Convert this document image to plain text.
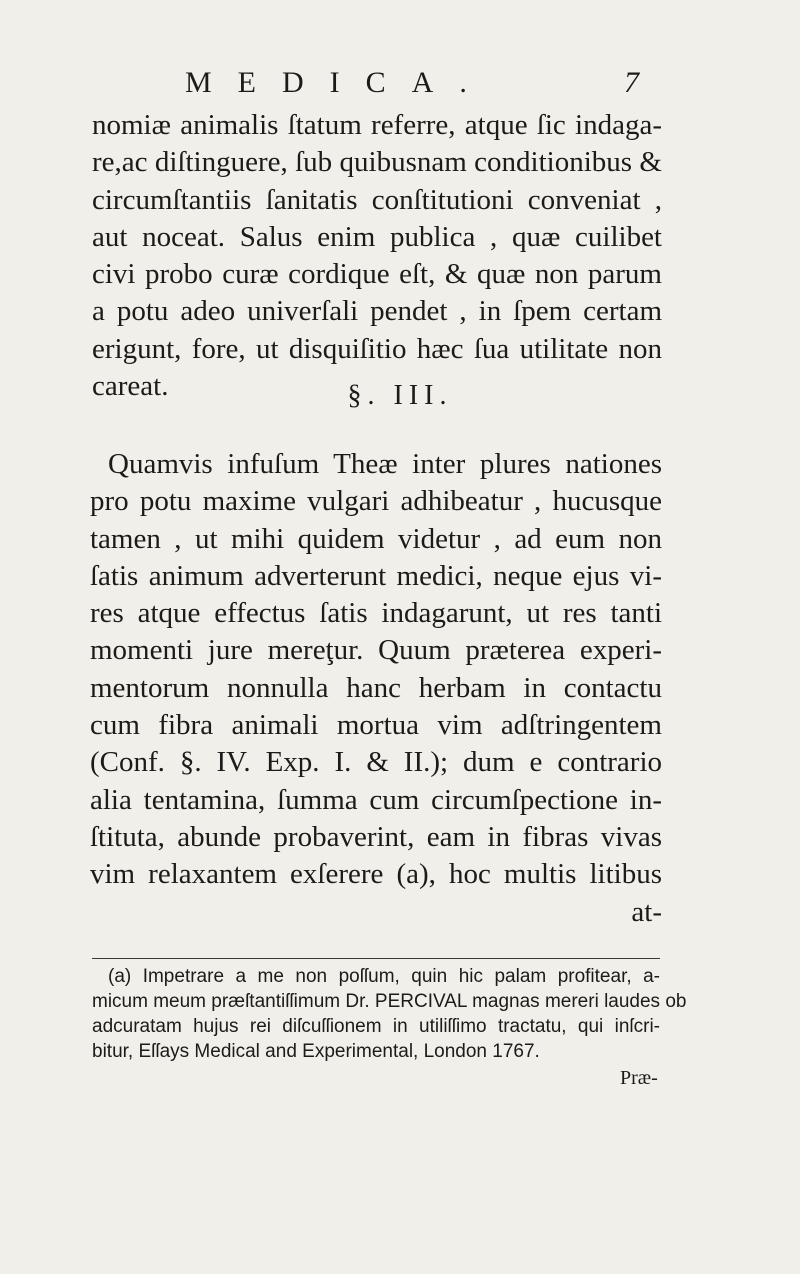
MEDICA.	7
nomiæ animalis ſtatum referre, atque ſic indaga-
re,ac diſtinguere, ſub quibusnam conditionibus &
circumſtantiis ſanitatis conſtitutioni conveniat ,
aut noceat. Salus enim publica , quæ cuilibet
civi probo curæ cordique eſt, & quæ non parum
a potu adeo univerſali pendet , in ſpem certam
erigunt, fore, ut disquiſitio hæc ſua utilitate non
careat.	§. III.
Quamvis infuſum Theæ inter plures nationes
pro potu maxime vulgari adhibeatur , hucusque
tamen , ut mihi quidem videtur , ad eum non
ſatis animum adverterunt medici, neque ejus vi-
res atque effectus ſatis indagarunt, ut res tanti
momenti jure mereţur. Quum præterea experi-
mentorum nonnulla hanc herbam in contactu
cum fibra animali mortua vim adſtringentem
(Conf. §. IV. Exp. I. & II.); dum e contrario
alia tentamina, ſumma cum circumſpectione in-
ſtituta, abunde probaverint, eam in fibras vivas
vim relaxantem exſerere (a), hoc multis litibus
at-
(a) Impetrare a me non poſſum, quin hic palam profitear, a-
micum meum præſtantiſſimum Dr. PERCIVAL magnas mereri laudes ob
adcuratam hujus rei diſcuſſionem in utiliſſimo tractatu, qui inſcri-
bitur, Eſſays Medical and Experimental, London 1767.
Præ-
